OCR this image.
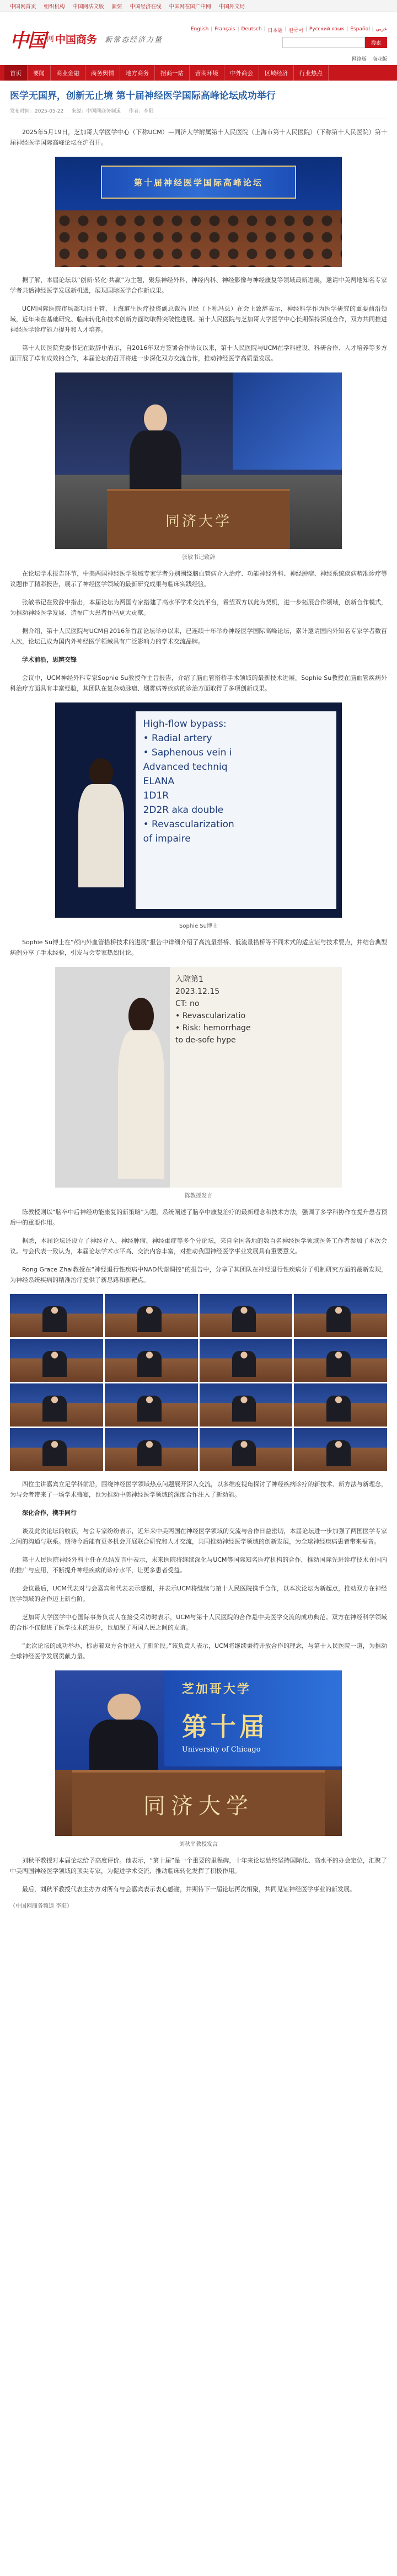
中国网首页 组织机构 中国网法文版 新要 中国经济在线 中国网在国广中网 中国外文局
中国 网 中国商务 新常态经济力量
English | Français | Deutsch | 日本語 | 한국어 | Русский язык | Español | عربي
搜索
网络版 商业版
首页	要闻	商业金融	商务舆情	地方商务	招商一站	营商环境	中外商会	区域经济	行业热点
医学无国界，创新无止境 第十届神经医学国际高峰论坛成功举行
发布时间：2025-05-22 来源：中国网商务频道 作者：李阳

2025年5月19日，芝加哥大学医学中心（下称UCM）—同济大学附属第十人民医院（上海市第十人民医院）（下称第十人民医院）第十届神经医学国际高峰论坛在沪召开。

第十届神经医学国际高峰论坛

据了解，本届论坛以“创新·转化·共赢”为主题，聚焦神经外科、神经内科、神经影像与神经康复等领域最新进展，邀请中美两地知名专家学者共话神经医学发展新机遇，展现国际医学合作新成果。

UCM国际医院市场部项目主管、上海道生医疗投资副总裁冯卫民（下称冯总）在会上致辞表示，神经科学作为医学研究的重要前沿领域，近年来在基础研究、临床转化和技术创新方面均取得突破性进展。第十人民医院与芝加哥大学医学中心长期保持深度合作，双方共同推进神经医学诊疗能力提升和人才培养。

第十人民医院党委书记在致辞中表示，自2016年双方签署合作协议以来，第十人民医院与UCM在学科建设、科研合作、人才培养等多方面开展了卓有成效的合作，本届论坛的召开将进一步深化双方交流合作，推动神经医学高质量发展。

同济大学
张敏书记致辞

在论坛学术报告环节，中美两国神经医学领域专家学者分别围绕脑血管病介入治疗、功能神经外科、神经肿瘤、神经系统疾病精准诊疗等议题作了精彩报告，展示了神经医学领域的最新研究成果与临床实践经验。

张敏书记在致辞中指出，本届论坛为两国专家搭建了高水平学术交流平台，希望双方以此为契机，进一步拓展合作领域，创新合作模式，为推动神经医学发展、造福广大患者作出更大贡献。

据介绍，第十人民医院与UCM自2016年首届论坛举办以来，已连续十年举办神经医学国际高峰论坛，累计邀请国内外知名专家学者数百人次，论坛已成为国内外神经医学领域具有广泛影响力的学术交流品牌。

学术前沿，思辨交锋

会议中，UCM神经外科专家Sophie Su教授作主旨报告，介绍了脑血管搭桥手术领域的最新技术进展。Sophie Su教授在脑血管疾病外科治疗方面具有丰富经验，其团队在复杂动脉瘤、烟雾病等疾病的诊治方面取得了多项创新成果。

High-flow bypass:
• Radial artery
• Saphenous vein i
Advanced techniq
ELANA
1D1R
2D2R aka double
• Revascularization
of impaire
Sophie Su博士

Sophie Su博士在“颅内外血管搭桥技术的进展”报告中详细介绍了高流量搭桥、低流量搭桥等不同术式的适应证与技术要点，并结合典型病例分享了手术经验，引发与会专家热烈讨论。

入院第1
2023.12.15
CT: no
• Revascularizatio
• Risk: hemorrhage
to de-sofe hype
陈教授发言

陈教授则以“脑卒中后神经功能康复的新策略”为题，系统阐述了脑卒中康复治疗的最新理念和技术方法，强调了多学科协作在提升患者预后中的重要作用。

据悉，本届论坛还设立了神经介入、神经肿瘤、神经重症等多个分论坛，来自全国各地的数百名神经医学领域医务工作者参加了本次会议。与会代表一致认为，本届论坛学术水平高、交流内容丰富，对推动我国神经医学事业发展具有重要意义。

Rong Grace Zhai教授在“神经退行性疾病中NAD代谢调控”的报告中，分享了其团队在神经退行性疾病分子机制研究方面的最新发现，为神经系统疾病的精准治疗提供了新思路和新靶点。

四位主讲嘉宾立足学科前沿，围绕神经医学领域热点问题展开深入交流，以多维度视角探讨了神经疾病诊疗的新技术、新方法与新理念，为与会者带来了一场学术盛宴，也为推动中美神经医学领域的深度合作注入了新动能。

深化合作，携手同行

谈及此次论坛的收获，与会专家纷纷表示，近年来中美两国在神经医学领域的交流与合作日益密切，本届论坛进一步加强了两国医学专家之间的沟通与联系。期待今后能有更多机会开展联合研究和人才交流，共同推动神经医学领域的创新发展，为全球神经疾病患者带来福音。

第十人民医院神经外科主任在总结发言中表示，未来医院将继续深化与UCM等国际知名医疗机构的合作，推动国际先进诊疗技术在国内的推广与应用，不断提升神经疾病的诊疗水平，让更多患者受益。

会议最后，UCM代表对与会嘉宾和代表表示感谢，并表示UCM将继续与第十人民医院携手合作，以本次论坛为新起点，推动双方在神经医学领域的合作迈上新台阶。

芝加哥大学医学中心国际事务负责人在接受采访时表示，UCM与第十人民医院的合作是中美医学交流的成功典范。双方在神经科学领域的合作不仅促进了医学技术的进步，也加深了两国人民之间的友谊。

“此次论坛的成功举办，标志着双方合作进入了新阶段。”该负责人表示，UCM将继续秉持开放合作的理念，与第十人民医院一道，为推动全球神经医学发展贡献力量。

芝加哥大学
第十届
University of Chicago
同济大学
刘秋平教授发言

刘秋平教授对本届论坛给予高度评价。他表示，“第十届”是一个重要的里程碑，十年来论坛始终坚持国际化、高水平的办会定位，汇聚了中美两国神经医学领域的顶尖专家，为促进学术交流、推动临床转化发挥了积极作用。

最后，刘秋平教授代表主办方对所有与会嘉宾表示衷心感谢，并期待下一届论坛再次相聚，共同见证神经医学事业的新发展。

（中国网商务频道 李阳）
